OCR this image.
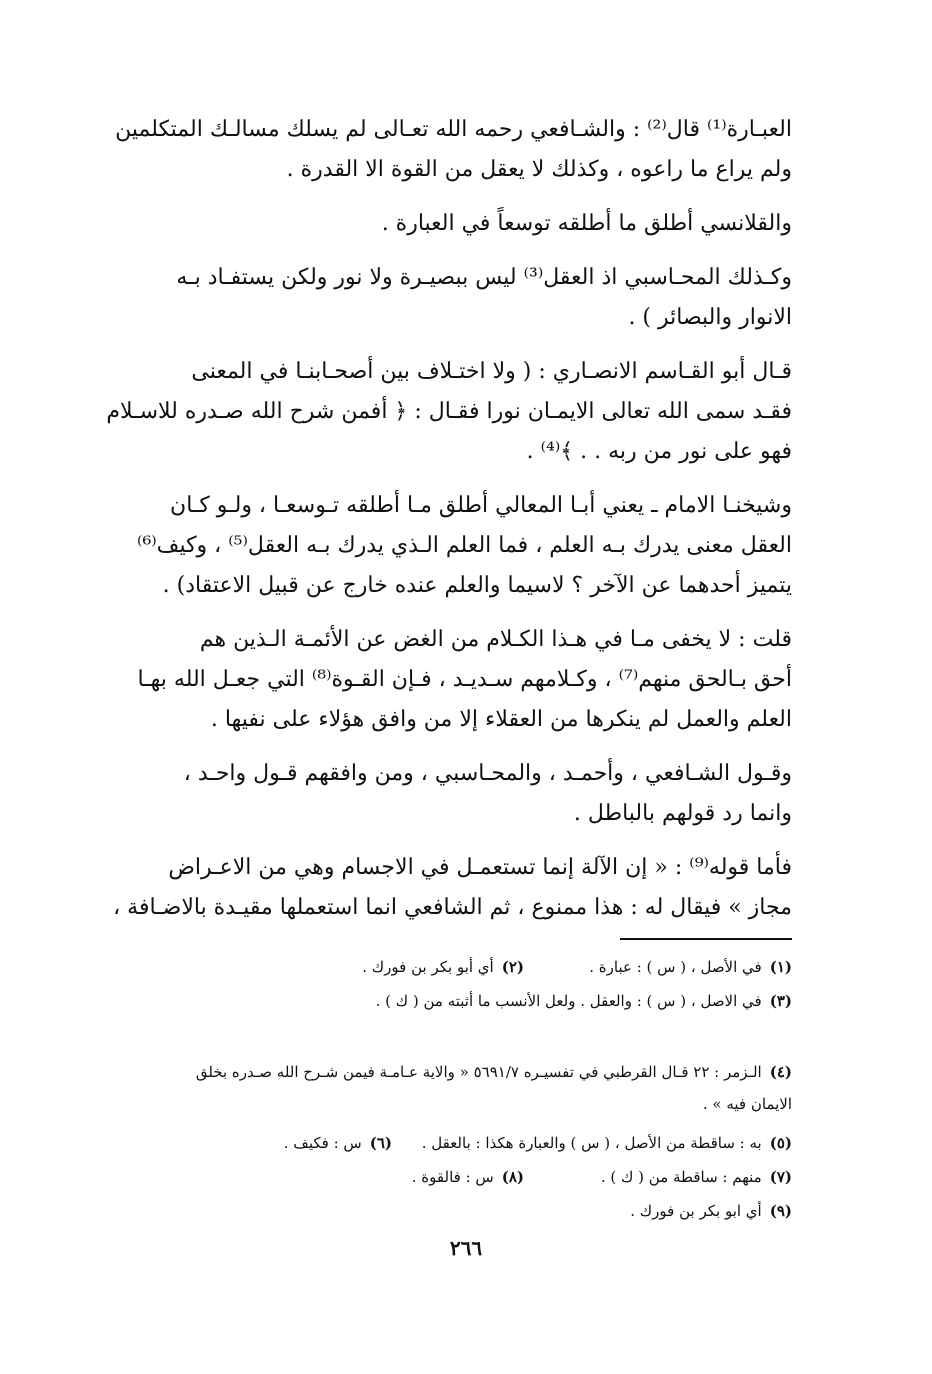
العبـارة⁽¹⁾ قال⁽²⁾ : والشـافعي رحمه الله تعـالى لم يسلك مسالـك المتكلمين
ولم يراع ما راعوه ، وكذلك لا يعقل من القوة الا القدرة .

والقلانسي أطلق ما أطلقه توسعاً في العبارة .

وكـذلك المحـاسبي اذ العقل⁽³⁾ ليس ببصيـرة ولا نور ولكن يستفـاد بـه
الانوار والبصائر ) .

قـال أبو القـاسم الانصـاري : ( ولا اختـلاف بين أصحـابنـا في المعنى
فقـد سمى الله تعالى الايمـان نورا فقـال : ﴿ أفمن شرح الله صـدره للاسـلام
فهو على نور من ربه . . ﴾⁽⁴⁾ .

وشيخنـا الامام ـ يعني أبـا المعالي أطلق مـا أطلقه تـوسعـا ، ولـو كـان
العقل معنى يدرك بـه العلم ، فما العلم الـذي يدرك بـه العقل⁽⁵⁾ ، وكيف⁽⁶⁾
يتميز أحدهما عن الآخر ؟ لاسيما والعلم عنده خارج عن قبيل الاعتقاد) .

قلت : لا يخفى مـا في هـذا الكـلام من الغض عن الأئمـة الـذين هم
أحق بـالحق منهم⁽⁷⁾ ، وكـلامهم سـديـد ، فـإن القـوة⁽⁸⁾ التي جعـل الله بهـا
العلم والعمل لم ينكرها من العقلاء إلا من وافق هؤلاء على نفيها .

وقـول الشـافعي ، وأحمـد ، والمحـاسبي ، ومن وافقهم قـول واحـد ،
وانما رد قولهم بالباطل .

فأما قوله⁽⁹⁾ : « إن الآلة إنما تستعمـل في الاجسام وهي من الاعـراض
مجاز » فيقال له : هذا ممنوع ، ثم الشافعي انما استعملها مقيـدة بالاضـافة ،

(١)في الأصل ، ( س ) : عبارة .
(٢)أي أبو بكر بن فورك .
(٣)في الاصل ، ( س ) : والعقل . ولعل الأنسب ما أثبته من ( ك ) .

(٤)الـزمر : ٢٢ قـال القرطبي في تفسيـره ٥٦٩١/٧ « والاية عـامـة فيمن شـرح الله صـدره بخلق
الايمان فيه » .

(٥)به : ساقطة من الأصل ، ( س ) والعبارة هكذا : بالعقل .
(٦)س : فكيف .
(٧)منهم : ساقطة من ( ك ) .
(٨)س : فالقوة .
(٩)أي ابو بكر بن فورك .
٢٦٦
